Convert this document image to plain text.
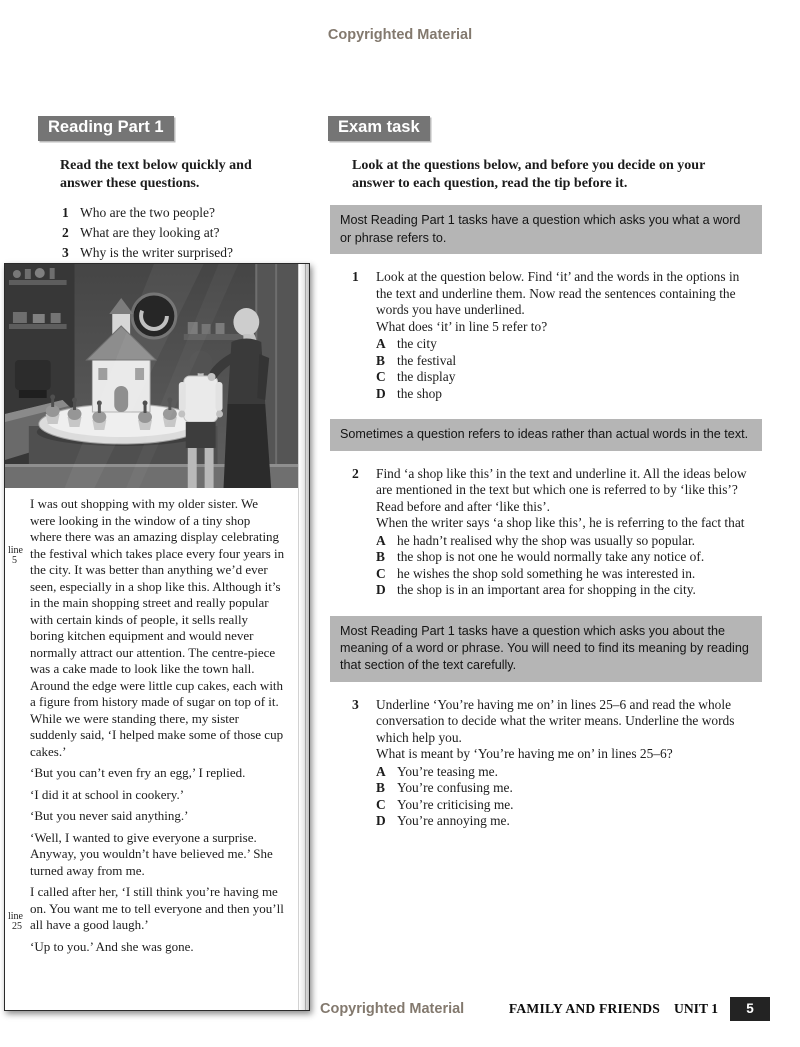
Copyrighted Material
Reading Part 1

Read the text below quickly and answer these questions.

1 Who are the two people?
2 What are they looking at?
3 Why is the writer surprised?
line
5
line
25

I was out shopping with my older sister. We were looking in the window of a tiny shop where there was an amazing display celebrating the festival which takes place every four years in the city. It was better than anything we’d ever seen, especially in a shop like this. Although it’s in the main shopping street and really popular with certain kinds of people, it sells really boring kitchen equipment and would never normally attract our attention. The centre-piece was a cake made to look like the town hall. Around the edge were little cup cakes, each with a figure from history made of sugar on top of it. While we were standing there, my sister suddenly said, ‘I helped make some of those cup cakes.’

‘But you can’t even fry an egg,’ I replied.

‘I did it at school in cookery.’

‘But you never said anything.’

‘Well, I wanted to give everyone a surprise. Anyway, you wouldn’t have believed me.’ She turned away from me.

I called after her, ‘I still think you’re having me on. You want me to tell everyone and then you’ll all have a good laugh.’

‘Up to you.’ And she was gone.

Exam task

Look at the questions below, and before you decide on your answer to each question, read the tip before it.

Most Reading Part 1 tasks have a question which asks you what a word or phrase refers to.
1	Look at the question below. Find ‘it’ and the words in the options in the text and underline them. Now read the sentences containing the words you have underlined.

What does ‘it’ in line 5 refer to?

A the city
B the festival
C the display
D the shop
Sometimes a question refers to ideas rather than actual words in the text.
2	Find ‘a shop like this’ in the text and underline it. All the ideas below are mentioned in the text but which one is referred to by ‘like this’? Read before and after ‘like this’.

When the writer says ‘a shop like this’, he is referring to the fact that

A he hadn’t realised why the shop was usually so popular.
B the shop is not one he would normally take any notice of.
C he wishes the shop sold something he was interested in.
D the shop is in an important area for shopping in the city.
Most Reading Part 1 tasks have a question which asks you about the meaning of a word or phrase. You will need to find its meaning by reading that section of the text carefully.
3	Underline ‘You’re having me on’ in lines 25–6 and read the whole conversation to decide what the writer means. Underline the words which help you.

What is meant by ‘You’re having me on’ in lines 25–6?

A You’re teasing me.
B You’re confusing me.
C You’re criticising me.
D You’re annoying me.
Copyrighted Material	FAMILY AND FRIENDS UNIT 1	5
